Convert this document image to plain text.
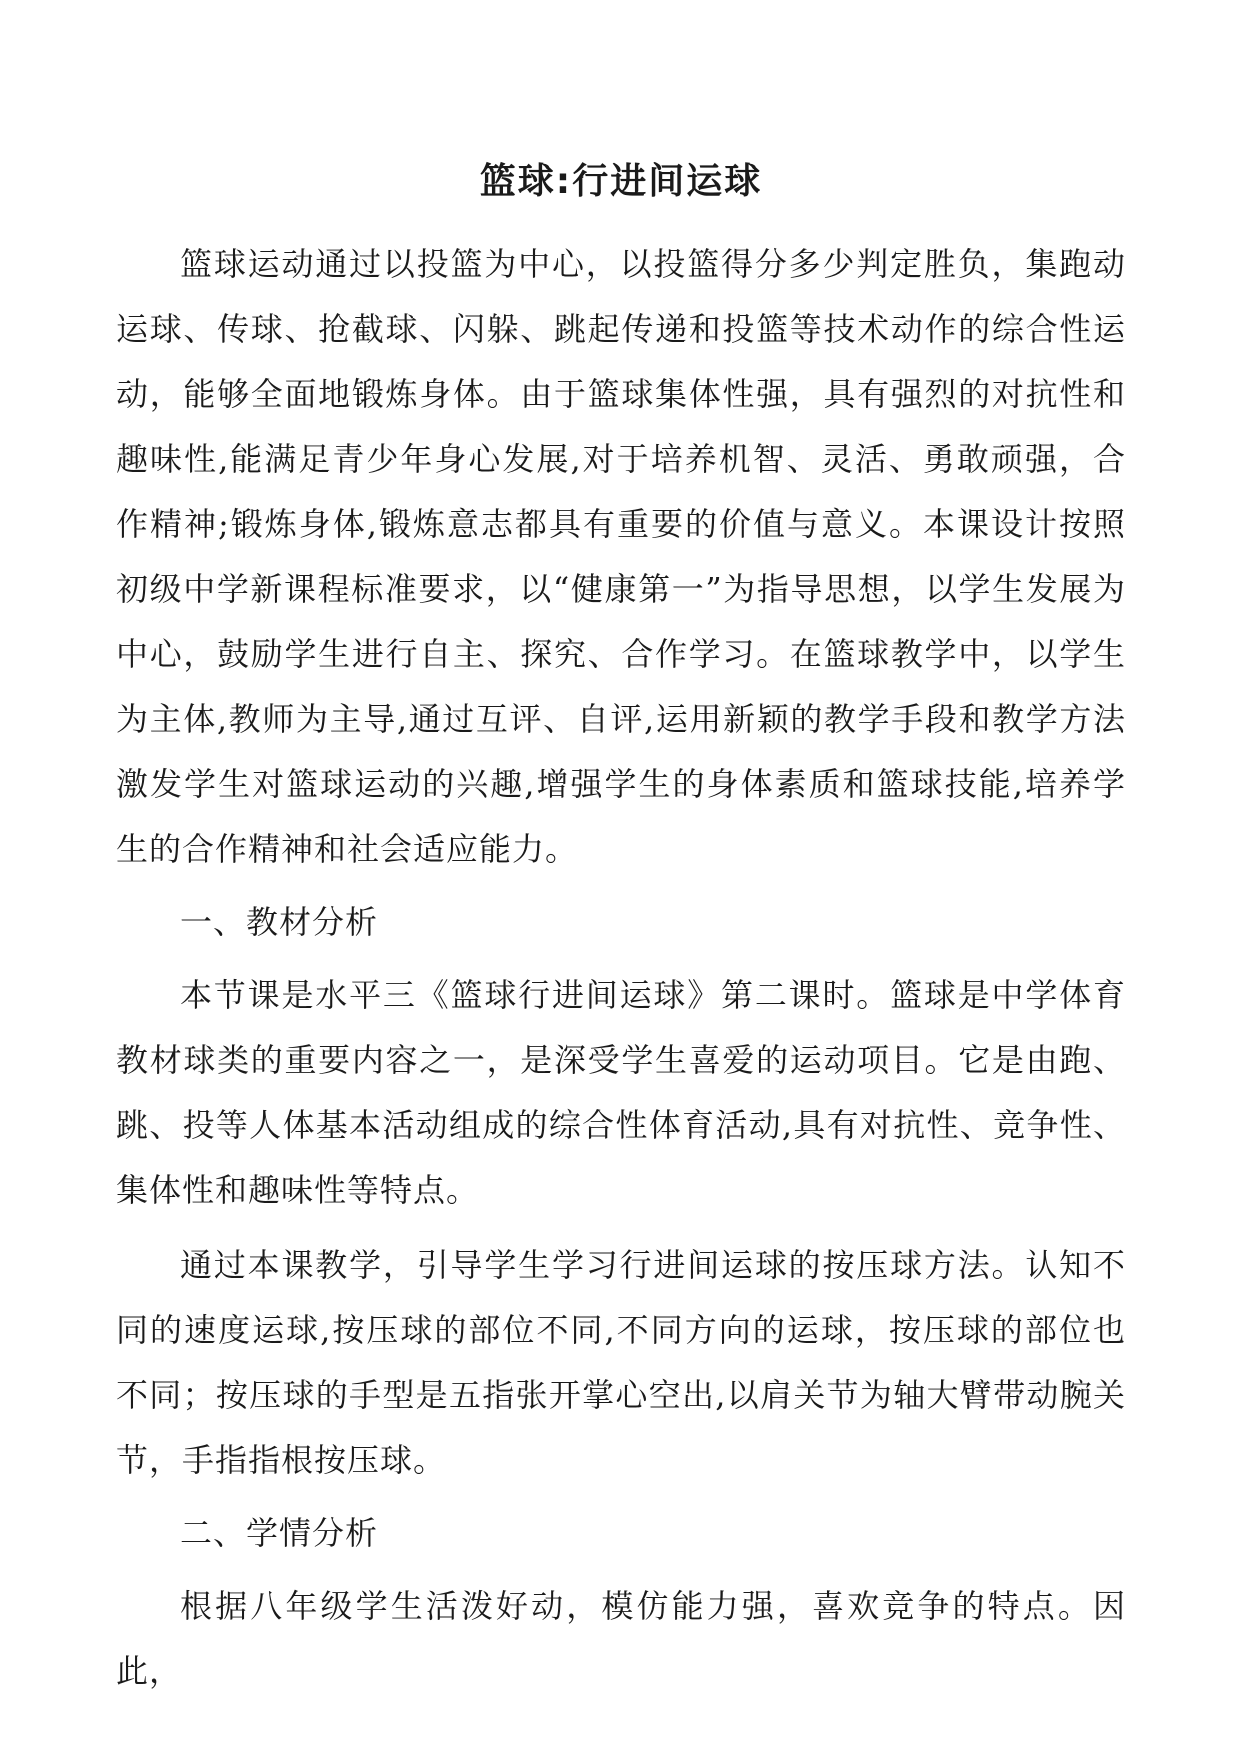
篮球:行进间运球

篮球运动通过以投篮为中心，以投篮得分多少判定胜负，集跑动运球、传球、抢截球、闪躲、跳起传递和投篮等技术动作的综合性运动，能够全面地锻炼身体。由于篮球集体性强，具有强烈的对抗性和趣味性,能满足青少年身心发展,对于培养机智、灵活、勇敢顽强，合作精神;锻炼身体,锻炼意志都具有重要的价值与意义。本课设计按照初级中学新课程标准要求，以“健康第一”为指导思想，以学生发展为中心，鼓励学生进行自主、探究、合作学习。在篮球教学中，以学生为主体,教师为主导,通过互评、自评,运用新颖的教学手段和教学方法激发学生对篮球运动的兴趣,增强学生的身体素质和篮球技能,培养学生的合作精神和社会适应能力。

一、教材分析

本节课是水平三《篮球行进间运球》第二课时。篮球是中学体育教材球类的重要内容之一，是深受学生喜爱的运动项目。它是由跑、跳、投等人体基本活动组成的综合性体育活动,具有对抗性、竞争性、集体性和趣味性等特点。

通过本课教学，引导学生学习行进间运球的按压球方法。认知不同的速度运球,按压球的部位不同,不同方向的运球，按压球的部位也不同；按压球的手型是五指张开掌心空出,以肩关节为轴大臂带动腕关节，手指指根按压球。

二、学情分析

根据八年级学生活泼好动，模仿能力强，喜欢竞争的特点。因此，
